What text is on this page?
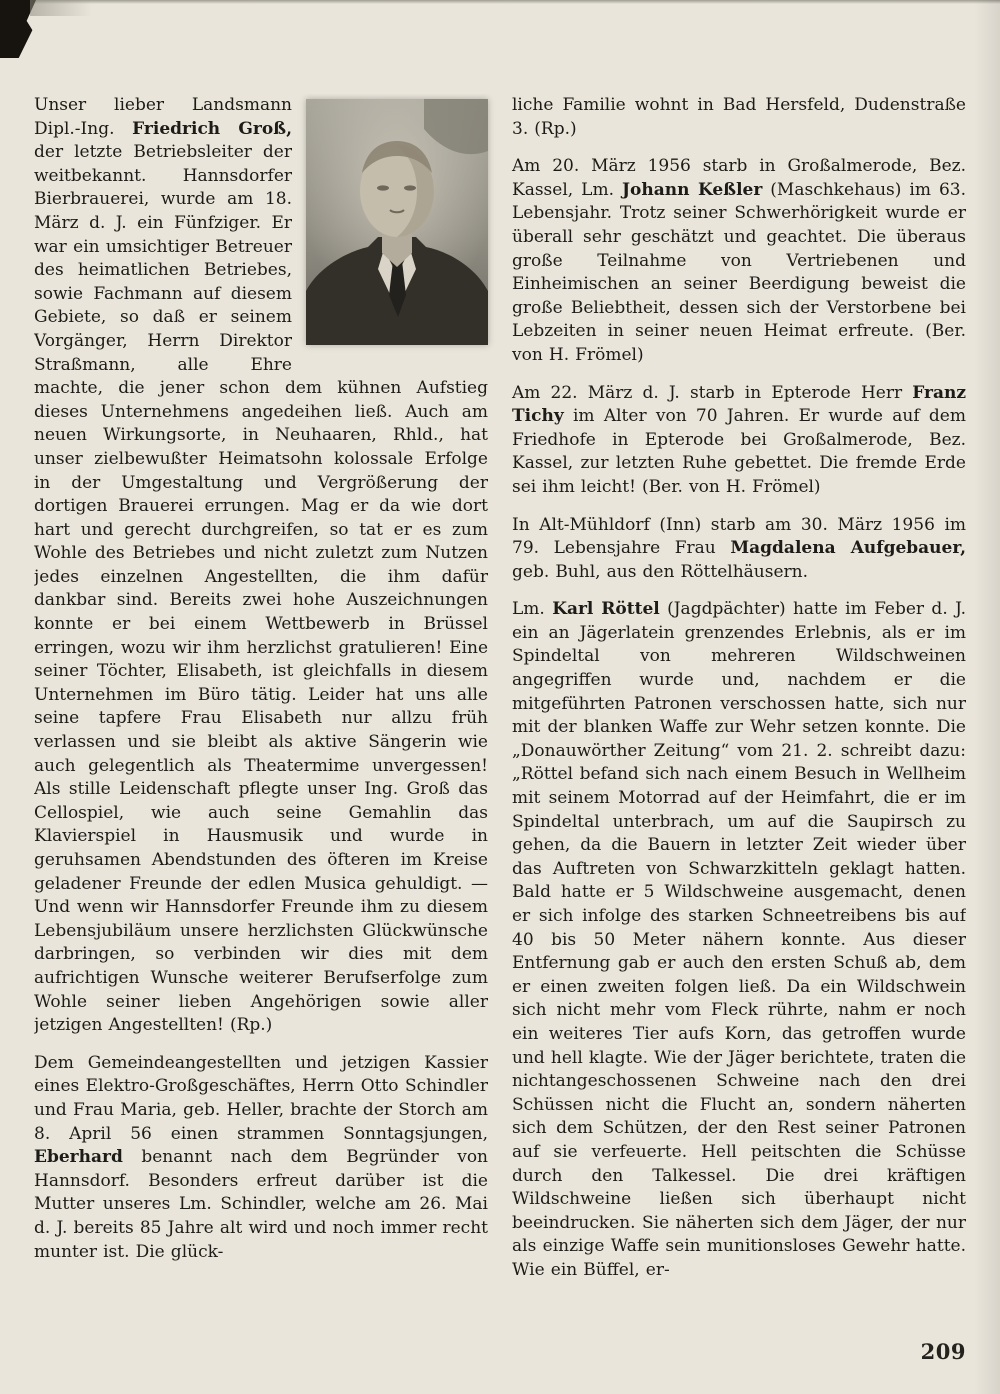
Unser lieber Landsmann Dipl.-Ing. Friedrich Groß, der letzte Betriebsleiter der weitbekannt. Hannsdorfer Bierbrauerei, wurde am 18. März d. J. ein Fünfziger. Er war ein umsichtiger Betreuer des heimatlichen Betriebes, sowie Fachmann auf diesem Gebiete, so daß er seinem Vorgänger, Herrn Direktor Straßmann, alle Ehre machte, die jener schon dem kühnen Aufstieg dieses Unternehmens angedeihen ließ. Auch am neuen Wirkungsorte, in Neuhaaren, Rhld., hat unser zielbewußter Heimatsohn kolossale Erfolge in der Umgestaltung und Vergrößerung der dortigen Brauerei errungen. Mag er da wie dort hart und gerecht durchgreifen, so tat er es zum Wohle des Betriebes und nicht zuletzt zum Nutzen jedes einzelnen Angestellten, die ihm dafür dankbar sind. Bereits zwei hohe Auszeichnungen konnte er bei einem Wettbewerb in Brüssel erringen, wozu wir ihm herzlichst gratulieren! Eine seiner Töchter, Elisabeth, ist gleichfalls in diesem Unternehmen im Büro tätig. Leider hat uns alle seine tapfere Frau Elisabeth nur allzu früh verlassen und sie bleibt als aktive Sängerin wie auch gelegentlich als Theatermime unvergessen! Als stille Leidenschaft pflegte unser Ing. Groß das Cellospiel, wie auch seine Gemahlin das Klavierspiel in Hausmusik und wurde in geruhsamen Abendstunden des öfteren im Kreise geladener Freunde der edlen Musica gehuldigt. — Und wenn wir Hannsdorfer Freunde ihm zu diesem Lebensjubiläum unsere herzlichsten Glückwünsche darbringen, so verbinden wir dies mit dem aufrichtigen Wunsche weiterer Berufserfolge zum Wohle seiner lieben Angehörigen sowie aller jetzigen Angestellten! (Rp.)

Dem Gemeindeangestellten und jetzigen Kassier eines Elektro-Großgeschäftes, Herrn Otto Schindler und Frau Maria, geb. Heller, brachte der Storch am 8. April 56 einen strammen Sonntagsjungen, Eberhard benannt nach dem Begründer von Hannsdorf. Besonders erfreut darüber ist die Mutter unseres Lm. Schindler, welche am 26. Mai d. J. bereits 85 Jahre alt wird und noch immer recht munter ist. Die glück-

liche Familie wohnt in Bad Hersfeld, Dudenstraße 3. (Rp.)

Am 20. März 1956 starb in Großalmerode, Bez. Kassel, Lm. Johann Keßler (Maschkehaus) im 63. Lebensjahr. Trotz seiner Schwerhörigkeit wurde er überall sehr geschätzt und geachtet. Die überaus große Teilnahme von Vertriebenen und Einheimischen an seiner Beerdigung beweist die große Beliebtheit, dessen sich der Verstorbene bei Lebzeiten in seiner neuen Heimat erfreute. (Ber. von H. Frömel)

Am 22. März d. J. starb in Epterode Herr Franz Tichy im Alter von 70 Jahren. Er wurde auf dem Friedhofe in Epterode bei Großalmerode, Bez. Kassel, zur letzten Ruhe gebettet. Die fremde Erde sei ihm leicht! (Ber. von H. Frömel)

In Alt-Mühldorf (Inn) starb am 30. März 1956 im 79. Lebensjahre Frau Magdalena Aufgebauer, geb. Buhl, aus den Röttelhäusern.

Lm. Karl Röttel (Jagdpächter) hatte im Feber d. J. ein an Jägerlatein grenzendes Erlebnis, als er im Spindeltal von mehreren Wildschweinen angegriffen wurde und, nachdem er die mitgeführten Patronen verschossen hatte, sich nur mit der blanken Waffe zur Wehr setzen konnte. Die „Donauwörther Zeitung“ vom 21. 2. schreibt dazu: „Röttel befand sich nach einem Besuch in Wellheim mit seinem Motorrad auf der Heimfahrt, die er im Spindeltal unterbrach, um auf die Saupirsch zu gehen, da die Bauern in letzter Zeit wieder über das Auftreten von Schwarzkitteln geklagt hatten. Bald hatte er 5 Wildschweine ausgemacht, denen er sich infolge des starken Schneetreibens bis auf 40 bis 50 Meter nähern konnte. Aus dieser Entfernung gab er auch den ersten Schuß ab, dem er einen zweiten folgen ließ. Da ein Wildschwein sich nicht mehr vom Fleck rührte, nahm er noch ein weiteres Tier aufs Korn, das getroffen wurde und hell klagte. Wie der Jäger berichtete, traten die nichtangeschossenen Schweine nach den drei Schüssen nicht die Flucht an, sondern näherten sich dem Schützen, der den Rest seiner Patronen auf sie verfeuerte. Hell peitschten die Schüsse durch den Talkessel. Die drei kräftigen Wildschweine ließen sich überhaupt nicht beeindrucken. Sie näherten sich dem Jäger, der nur als einzige Waffe sein munitionsloses Gewehr hatte. Wie ein Büffel, er-

209
